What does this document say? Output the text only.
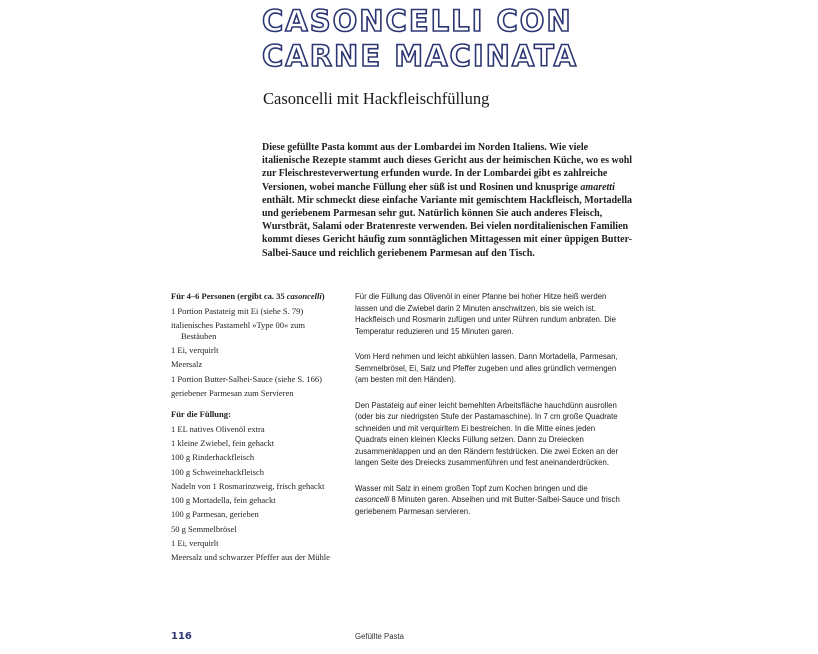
CASONCELLI CON
CARNE MACINATA
Casoncelli mit Hackfleischfüllung

Diese gefüllte Pasta kommt aus der Lombardei im Norden Italiens. Wie viele italienische Rezepte stammt auch dieses Gericht aus der heimischen Küche, wo es wohl zur Fleischresteverwertung erfunden wurde. In der Lombardei gibt es zahlreiche Versionen, wobei manche Füllung eher süß ist und Rosinen und knusprige amaretti enthält. Mir schmeckt diese einfache Variante mit gemischtem Hackfleisch, Mortadella und geriebenem Parmesan sehr gut. Natürlich können Sie auch anderes Fleisch, Wurstbrät, Salami oder Bratenreste verwenden. Bei vielen norditalienischen Familien kommt dieses Gericht häufig zum sonntäglichen Mittagessen mit einer üppigen Butter-Salbei-Sauce und reichlich geriebenem Parmesan auf den Tisch.

Für 4–6 Personen (ergibt ca. 35 casoncelli)

1 Portion Pastateig mit Ei (siehe S. 79)
italienisches Pastamehl »Type 00« zum
Bestäuben
1 Ei, verquirlt
Meersalz
1 Portion Butter-Salbei-Sauce (siehe S. 166)
geriebener Parmesan zum Servieren

Für die Füllung:

1 EL natives Olivenöl extra
1 kleine Zwiebel, fein gehackt
100 g Rinderhackfleisch
100 g Schweinehackfleisch
Nadeln von 1 Rosmarinzweig, frisch gehackt
100 g Mortadella, fein gehackt
100 g Parmesan, gerieben
50 g Semmelbrösel
1 Ei, verquirlt
Meersalz und schwarzer Pfeffer aus der Mühle

Für die Füllung das Olivenöl in einer Pfanne bei hoher Hitze heiß werden lassen und die Zwiebel darin 2 Minuten anschwitzen, bis sie weich ist. Hackfleisch und Rosmarin zufügen und unter Rühren rundum anbraten. Die Temperatur reduzieren und 15 Minuten garen.

Vom Herd nehmen und leicht abkühlen lassen. Dann Mortadella, Parmesan, Semmelbrösel, Ei, Salz und Pfeffer zugeben und alles gründlich vermengen (am besten mit den Händen).

Den Pastateig auf einer leicht bemehlten Arbeitsfläche hauchdünn ausrollen (oder bis zur niedrigsten Stufe der Pastamaschine). In 7 cm große Quadrate schneiden und mit verquirltem Ei bestreichen. In die Mitte eines jeden Quadrats einen kleinen Klecks Füllung setzen. Dann zu Dreiecken zusammenklappen und an den Rändern festdrücken. Die zwei Ecken an der langen Seite des Dreiecks zusammenführen und fest aneinanderdrücken.

Wasser mit Salz in einem großen Topf zum Kochen bringen und die casoncelli 8 Minuten garen. Abseihen und mit Butter-Salbei-Sauce und frisch geriebenem Parmesan servieren.

116	Gefüllte Pasta
